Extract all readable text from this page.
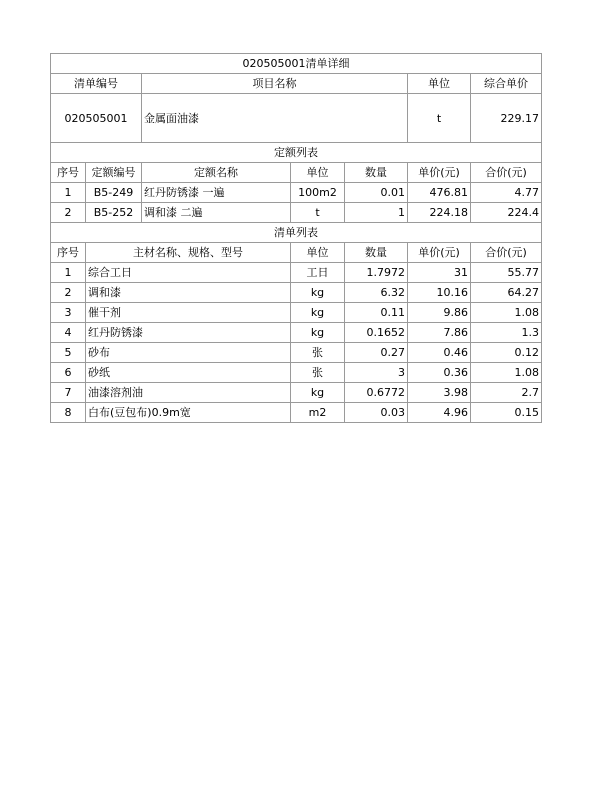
020505001清单详细						
清单编号		项目名称			单位	综合单价
020505001		金属面油漆			t	229.17
定额列表						
序号	定额编号	定额名称	单位	数量	单价(元)	合价(元)
1	B5-249	红丹防锈漆 一遍	100m2	0.01	476.81	4.77
2	B5-252	调和漆 二遍	t	1	224.18	224.4
清单列表						
序号	主材名称、规格、型号		单位	数量	单价(元)	合价(元)
1	综合工日		工日	1.7972	31	55.77
2	调和漆		kg	6.32	10.16	64.27
3	催干剂		kg	0.11	9.86	1.08
4	红丹防锈漆		kg	0.1652	7.86	1.3
5	砂布		张	0.27	0.46	0.12
6	砂纸		张	3	0.36	1.08
7	油漆溶剂油		kg	0.6772	3.98	2.7
8	白布(豆包布)0.9m宽		m2	0.03	4.96	0.15
